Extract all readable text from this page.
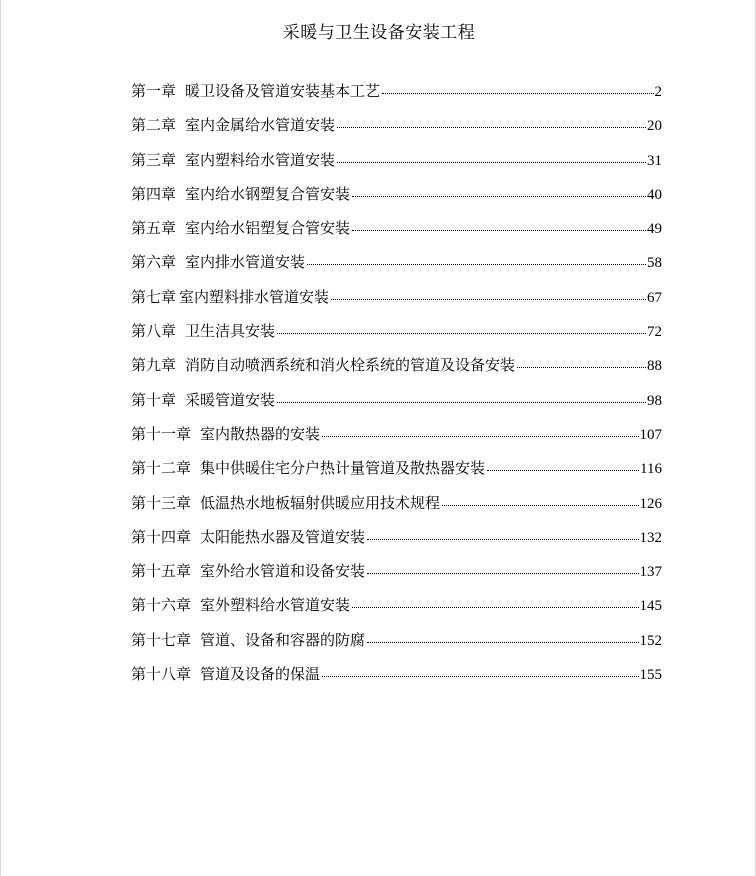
采暖与卫生设备安装工程
第一章 暖卫设备及管道安装基本工艺	2
第二章 室内金属给水管道安装	20
第三章 室内塑料给水管道安装	31
第四章 室内给水钢塑复合管安装	40
第五章 室内给水铝塑复合管安装	49
第六章 室内排水管道安装	58
第七章 室内塑料排水管道安装	67
第八章 卫生洁具安装	72
第九章 消防自动喷洒系统和消火栓系统的管道及设备安装	88
第十章 采暖管道安装	98
第十一章 室内散热器的安装	107
第十二章 集中供暖住宅分户热计量管道及散热器安装	116
第十三章 低温热水地板辐射供暖应用技术规程	126
第十四章 太阳能热水器及管道安装	132
第十五章 室外给水管道和设备安装	137
第十六章 室外塑料给水管道安装	145
第十七章 管道、设备和容器的防腐	152
第十八章 管道及设备的保温	155
